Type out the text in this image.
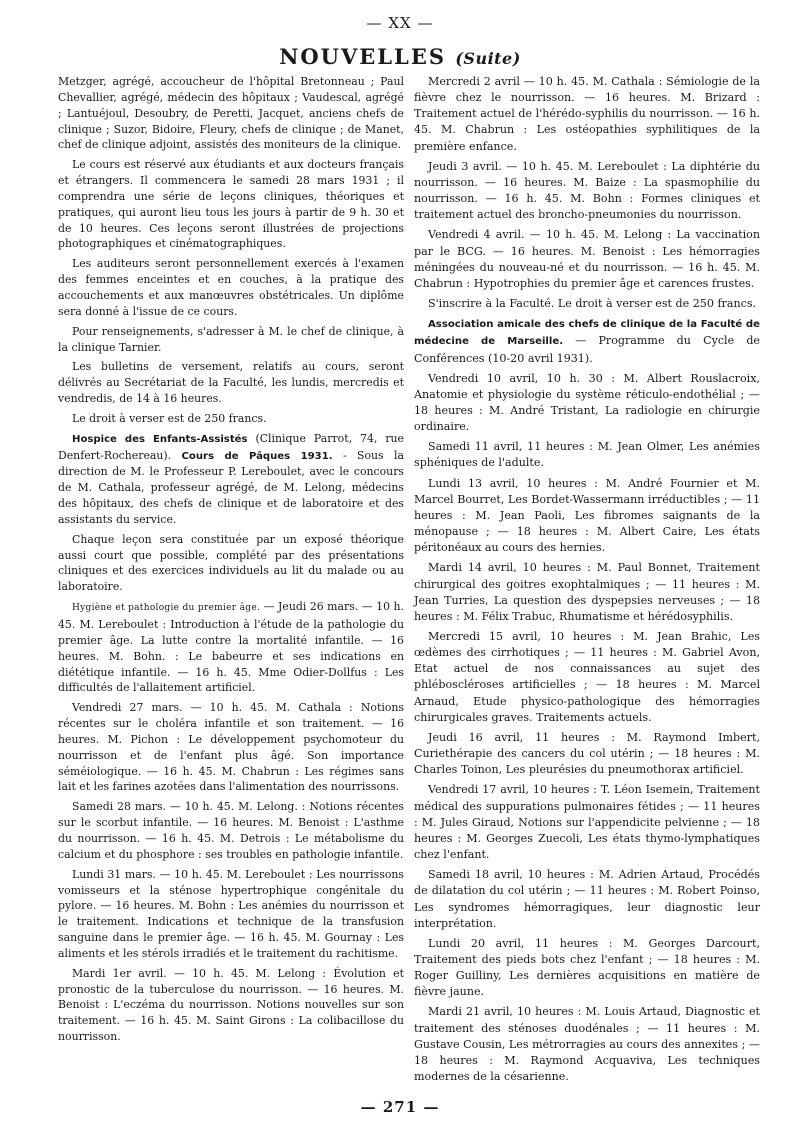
— XX —
NOUVELLES (Suite)

Metzger, agrégé, accoucheur de l'hôpital Bretonneau ; Paul Chevallier, agrégé, médecin des hôpitaux ; Vaudescal, agrégé ; Lantuéjoul, Desoubry, de Peretti, Jacquet, anciens chefs de clinique ; Suzor, Bidoire, Fleury, chefs de clinique ; de Manet, chef de clinique adjoint, assistés des moniteurs de la clinique.

Le cours est réservé aux étudiants et aux docteurs français et étrangers. Il commencera le samedi 28 mars 1931 ; il comprendra une série de leçons cliniques, théoriques et pratiques, qui auront lieu tous les jours à partir de 9 h. 30 et de 10 heures. Ces leçons seront illustrées de projections photographiques et cinématographiques.

Les auditeurs seront personnellement exercés à l'examen des femmes enceintes et en couches, à la pratique des accouchements et aux manœuvres obstétricales. Un diplôme sera donné à l'issue de ce cours.

Pour renseignements, s'adresser à M. le chef de clinique, à la clinique Tarnier.

Les bulletins de versement, relatifs au cours, seront délivrés au Secrétariat de la Faculté, les lundis, mercredis et vendredis, de 14 à 16 heures.

Le droit à verser est de 250 francs.

Hospice des Enfants-Assistés (Clinique Parrot, 74, rue Denfert-Rochereau). Cours de Pâques 1931. - Sous la direction de M. le Professeur P. Lereboulet, avec le concours de M. Cathala, professeur agrégé, de M. Lelong, médecins des hôpitaux, des chefs de clinique et de laboratoire et des assistants du service.

Chaque leçon sera constituée par un exposé théorique aussi court que possible, complété par des présentations cliniques et des exercices individuels au lit du malade ou au laboratoire.

Hygiène et pathologie du premier âge. — Jeudi 26 mars. — 10 h. 45. M. Lereboulet : Introduction à l'étude de la pathologie du premier âge. La lutte contre la mortalité infantile. — 16 heures. M. Bohn. : Le babeurre et ses indications en diététique infantile. — 16 h. 45. Mme Odier-Dollfus : Les difficultés de l'allaitement artificiel.

Vendredi 27 mars. — 10 h. 45. M. Cathala : Notions récentes sur le choléra infantile et son traitement. — 16 heures. M. Pichon : Le développement psychomoteur du nourrisson et de l'enfant plus âgé. Son importance séméiologique. — 16 h. 45. M. Chabrun : Les régimes sans lait et les farines azotées dans l'alimentation des nourrissons.

Samedi 28 mars. — 10 h. 45. M. Lelong. : Notions récentes sur le scorbut infantile. — 16 heures. M. Benoist : L'asthme du nourrisson. — 16 h. 45. M. Detrois : Le métabolisme du calcium et du phosphore : ses troubles en pathologie infantile.

Lundi 31 mars. — 10 h. 45. M. Lereboulet : Les nourrissons vomisseurs et la sténose hypertrophique congénitale du pylore. — 16 heures. M. Bohn : Les anémies du nourrisson et le traitement. Indications et technique de la transfusion sanguine dans le premier âge. — 16 h. 45. M. Gournay : Les aliments et les stérols irradiés et le traitement du rachitisme.

Mardi 1er avril. — 10 h. 45. M. Lelong : Évolution et pronostic de la tuberculose du nourrisson. — 16 heures. M. Benoist : L'eczéma du nourrisson. Notions nouvelles sur son traitement. — 16 h. 45. M. Saint Girons : La colibacillose du nourrisson.

Mercredi 2 avril — 10 h. 45. M. Cathala : Sémiologie de la fièvre chez le nourrisson. — 16 heures. M. Brizard : Traitement actuel de l'hérédo-syphilis du nourrisson. — 16 h. 45. M. Chabrun : Les ostéopathies syphilitiques de la première enfance.

Jeudi 3 avril. — 10 h. 45. M. Lereboulet : La diphtérie du nourrisson. — 16 heures. M. Baize : La spasmophilie du nourrisson. — 16 h. 45. M. Bohn : Formes cliniques et traitement actuel des broncho-pneumonies du nourrisson.

Vendredi 4 avril. — 10 h. 45. M. Lelong : La vaccination par le BCG. — 16 heures. M. Benoist : Les hémorragies méningées du nouveau-né et du nourrisson. — 16 h. 45. M. Chabrun : Hypotrophies du premier âge et carences frustes.

S'inscrire à la Faculté. Le droit à verser est de 250 francs.

Association amicale des chefs de clinique de la Faculté de médecine de Marseille. — Programme du Cycle de Conférences (10-20 avril 1931).

Vendredi 10 avril, 10 h. 30 : M. Albert Rouslacroix, Anatomie et physiologie du système réticulo-endothélial ; — 18 heures : M. André Tristant, La radiologie en chirurgie ordinaire.

Samedi 11 avril, 11 heures : M. Jean Olmer, Les anémies sphéniques de l'adulte.

Lundi 13 avril, 10 heures : M. André Fournier et M. Marcel Bourret, Les Bordet-Wassermann irréductibles ; — 11 heures : M. Jean Paoli, Les fibromes saignants de la ménopause ; — 18 heures : M. Albert Caire, Les états péritonéaux au cours des hernies.

Mardi 14 avril, 10 heures : M. Paul Bonnet, Traitement chirurgical des goitres exophtalmiques ; — 11 heures : M. Jean Turries, La question des dyspepsies nerveuses ; — 18 heures : M. Félix Trabuc, Rhumatisme et hérédosyphilis.

Mercredi 15 avril, 10 heures : M. Jean Brahic, Les œdèmes des cirrhotiques ; — 11 heures : M. Gabriel Avon, Etat actuel de nos connaissances au sujet des phléboscléroses artificielles ; — 18 heures : M. Marcel Arnaud, Etude physico-pathologique des hémorragies chirurgicales graves. Traitements actuels.

Jeudi 16 avril, 11 heures : M. Raymond Imbert, Curiethérapie des cancers du col utérin ; — 18 heures : M. Charles Toinon, Les pleurésies du pneumothorax artificiel.

Vendredi 17 avril, 10 heures : T. Léon Isemein, Traitement médical des suppurations pulmonaires fétides ; — 11 heures : M. Jules Giraud, Notions sur l'appendicite pelvienne ; — 18 heures : M. Georges Zuecoli, Les états thymo-lymphatiques chez l'enfant.

Samedi 18 avril, 10 heures : M. Adrien Artaud, Procédés de dilatation du col utérin ; — 11 heures : M. Robert Poinso, Les syndromes hémorragiques, leur diagnostic leur interprétation.

Lundi 20 avril, 11 heures : M. Georges Darcourt, Traitement des pieds bots chez l'enfant ; — 18 heures : M. Roger Guilliny, Les dernières acquisitions en matière de fièvre jaune.

Mardi 21 avril, 10 heures : M. Louis Artaud, Diagnostic et traitement des sténoses duodénales ; — 11 heures : M. Gustave Cousin, Les métrorragies au cours des annexites ; — 18 heures : M. Raymond Acquaviva, Les techniques modernes de la césarienne.

— 271 —
